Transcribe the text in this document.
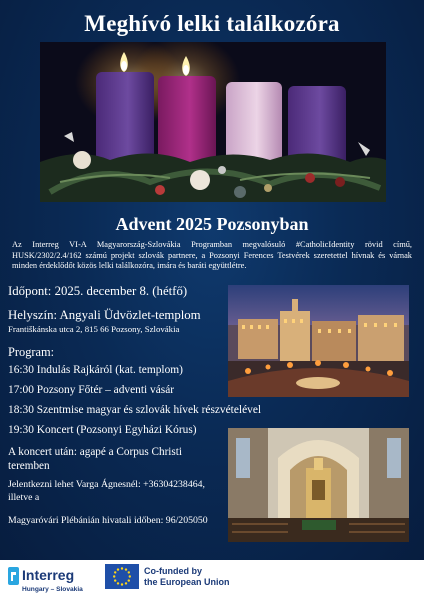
Meghívó lelki találkozóra
Advent 2025 Pozsonyban
Az Interreg VI-A Magyarország-Szlovákia Programban megvalósuló #CatholicIdentity rövid című, HUSK/2302/2.4/162 számú projekt szlovák partnere, a Pozsonyi Ferences Testvérek szeretettel hívnak és várnak minden érdeklődőt közös lelki találkozóra, imára és baráti együttlétre.
Időpont: 2025. december 8. (hétfő)
Helyszín: Angyali Üdvözlet-templom
Františkánska utca 2, 815 66 Pozsony, Szlovákia
Program:
16:30 Indulás Rajkáról (kat. templom)
17:00 Pozsony Főtér – adventi vásár
18:30 Szentmise magyar és szlovák hívek részvételével
19:30 Koncert (Pozsonyi Egyházi Kórus)
A koncert után: agapé a Corpus Christi teremben
Jelentkezni lehet Varga Ágnesnél: +36304238464, illetve a
Magyaróvári Plébánián hivatali időben: 96/205050
Interreg
Hungary – Slovakia
Co-funded by
the European Union
